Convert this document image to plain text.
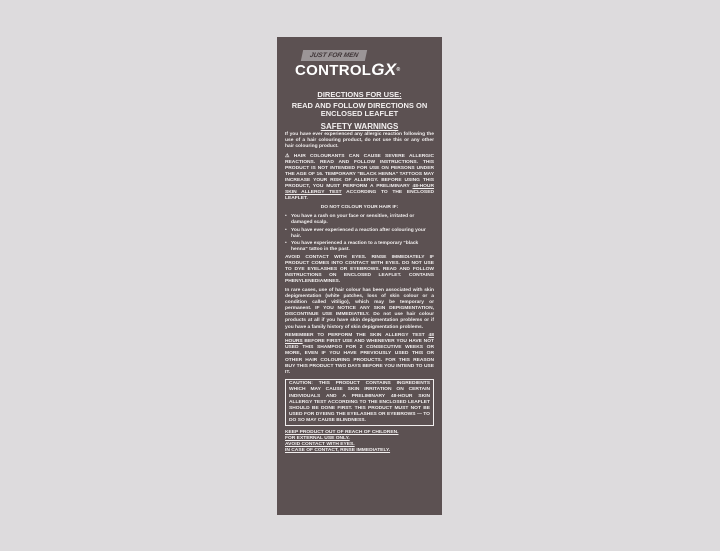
JUST FOR MEN
CONTROLGX®

DIRECTIONS FOR USE:

READ AND FOLLOW DIRECTIONS ON ENCLOSED LEAFLET

SAFETY WARNINGS

If you have ever experienced any allergic reaction following the use of a hair colouring product, do not use this or any other hair colouring product.

⚠ HAIR COLOURANTS CAN CAUSE SEVERE ALLERGIC REACTIONS. READ AND FOLLOW INSTRUCTIONS. THIS PRODUCT IS NOT INTENDED FOR USE ON PERSONS UNDER THE AGE OF 16. TEMPORARY "BLACK HENNA" TATTOOS MAY INCREASE YOUR RISK OF ALLERGY. BEFORE USING THIS PRODUCT, YOU MUST PERFORM A PRELIMINARY 48-HOUR SKIN ALLERGY TEST ACCORDING TO THE ENCLOSED LEAFLET.

DO NOT COLOUR YOUR HAIR IF:
• You have a rash on your face or sensitive, irritated or damaged scalp.
• You have ever experienced a reaction after colouring your hair.
• You have experienced a reaction to a temporary "black henna" tattoo in the past.

AVOID CONTACT WITH EYES. RINSE IMMEDIATELY IF PRODUCT COMES INTO CONTACT WITH EYES. DO NOT USE TO DYE EYELASHES OR EYEBROWS. READ AND FOLLOW INSTRUCTIONS ON ENCLOSED LEAFLET. CONTAINS PHENYLENEDIAMINES.

In rare cases, use of hair colour has been associated with skin depigmentation (white patches, loss of skin colour or a condition called vitiligo), which may be temporary or permanent. IF YOU NOTICE ANY SKIN DEPIGMENTATION, DISCONTINUE USE IMMEDIATELY. Do not use hair colour products at all if you have skin depigmentation problems or if you have a family history of skin depigmentation problems.

REMEMBER TO PERFORM THE SKIN ALLERGY TEST 48 HOURS BEFORE FIRST USE AND WHENEVER YOU HAVE NOT USED THIS SHAMPOO FOR 2 CONSECUTIVE WEEKS OR MORE, EVEN IF YOU HAVE PREVIOUSLY USED THIS OR OTHER HAIR COLOURING PRODUCTS. FOR THIS REASON BUY THIS PRODUCT TWO DAYS BEFORE YOU INTEND TO USE IT.

CAUTION: THIS PRODUCT CONTAINS INGREDIENTS WHICH MAY CAUSE SKIN IRRITATION ON CERTAIN INDIVIDUALS AND A PRELIMINARY 48-HOUR SKIN ALLERGY TEST ACCORDING TO THE ENCLOSED LEAFLET SHOULD BE DONE FIRST. THIS PRODUCT MUST NOT BE USED FOR DYEING THE EYELASHES OR EYEBROWS — TO DO SO MAY CAUSE BLINDNESS.

KEEP PRODUCT OUT OF REACH OF CHILDREN.
FOR EXTERNAL USE ONLY.
AVOID CONTACT WITH EYES.
IN CASE OF CONTACT, RINSE IMMEDIATELY.
